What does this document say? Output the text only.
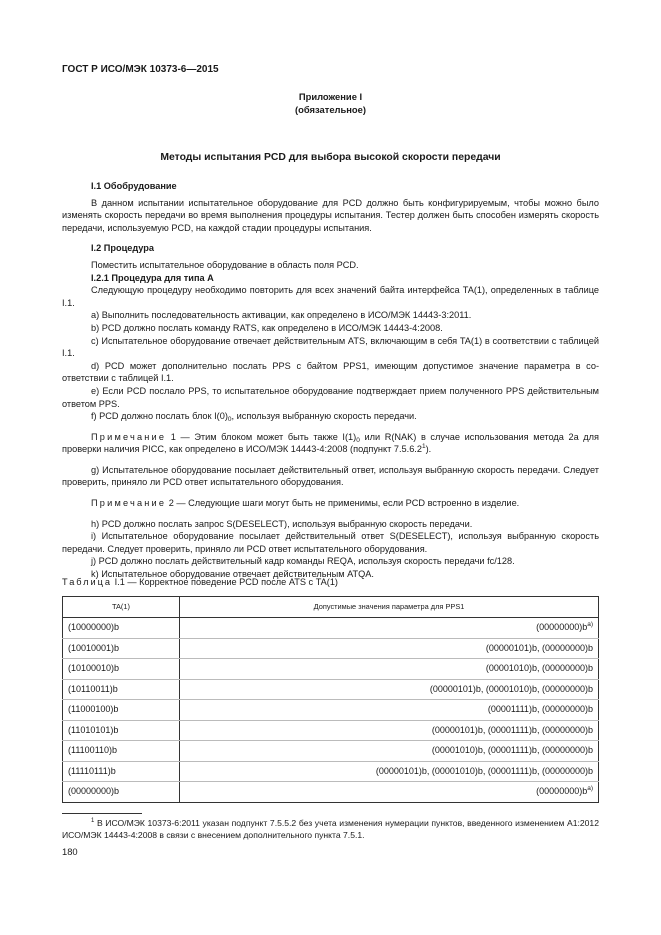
ГОСТ Р ИСО/МЭК 10373-6—2015
Приложение I
(обязательное)
Методы испытания PCD для выбора высокой скорости передачи

I.1 Обобрудование

В данном испытании испытательное оборудование для PCD должно быть конфигурируемым, чтобы можно было изменять скорость передачи во время выполнения процедуры испытания. Тестер должен быть способен измерять скорость передачи, используемую PCD, на каждой стадии процедуры испытания.

I.2 Процедура

Поместить испытательное оборудование в область поля PCD.

I.2.1 Процедура для типа А

Следующую процедуру необходимо повторить для всех значений байта интерфейса TA(1), определенных в таблице I.1.

а) Выполнить последовательность активации, как определено в ИСО/МЭК 14443-3:2011.

b) PCD должно послать команду RATS, как определено в ИСО/МЭК 14443-4:2008.

c) Испытательное оборудование отвечает действительным ATS, включающим в себя TA(1) в соответствии с таблицей I.1.

d) PCD может дополнительно послать PPS с байтом PPS1, имеющим допустимое значение параметра в соответствии с таблицей I.1.

e) Если PCD послало PPS, то испытательное оборудование подтверждает прием полученного PPS действительным ответом PPS.

f) PCD должно послать блок $I(0)_0$, используя выбранную скорость передачи.

Примечание 1 — Этим блоком может быть также $I(1)_0$ или R(NAK) в случае использования метода 2а для проверки наличия PICC, как определено в ИСО/МЭК 14443-4:2008 (подпункт 7.5.6.2$^1$).

g) Испытательное оборудование посылает действительный ответ, используя выбранную скорость передачи. Следует проверить, приняло ли PCD ответ испытательного оборудования.

Примечание 2 — Следующие шаги могут быть не применимы, если PCD встроенно в изделие.

h) PCD должно послать запрос S(DESELECT), используя выбранную скорость передачи.

i) Испытательное оборудование посылает действительный ответ S(DESELECT), используя выбранную скорость передачи. Следует проверить, приняло ли PCD ответ испытательного оборудования.

j) PCD должно послать действительный кадр команды REQA, используя скорость передачи fc/128.

k) Испытательное оборудование отвечает действительным ATQA.

Таблица I.1 — Корректное поведение PCD после ATS с TA(1)
TA(1)	Допустимые значения параметра для PPS1
(10000000)b	$(00000000)b^{a)}$
(10010001)b	(00000101)b, (00000000)b
(10100010)b	(00001010)b, (00000000)b
(10110011)b	(00000101)b, (00001010)b, (00000000)b
(11000100)b	(00001111)b, (00000000)b
(11010101)b	(00000101)b, (00001111)b, (00000000)b
(11100110)b	(00001010)b, (00001111)b, (00000000)b
(11110111)b	(00000101)b, (00001010)b, (00001111)b, (00000000)b
(00000000)b	$(00000000)b^{a)}$

$^1$ В ИСО/МЭК 10373-6:2011 указан подпункт 7.5.5.2 без учета изменения нумерации пунктов, введенного изменением А1:2012 ИСО/МЭК 14443-4:2008 в связи с внесением дополнительного пункта 7.5.1.

180
